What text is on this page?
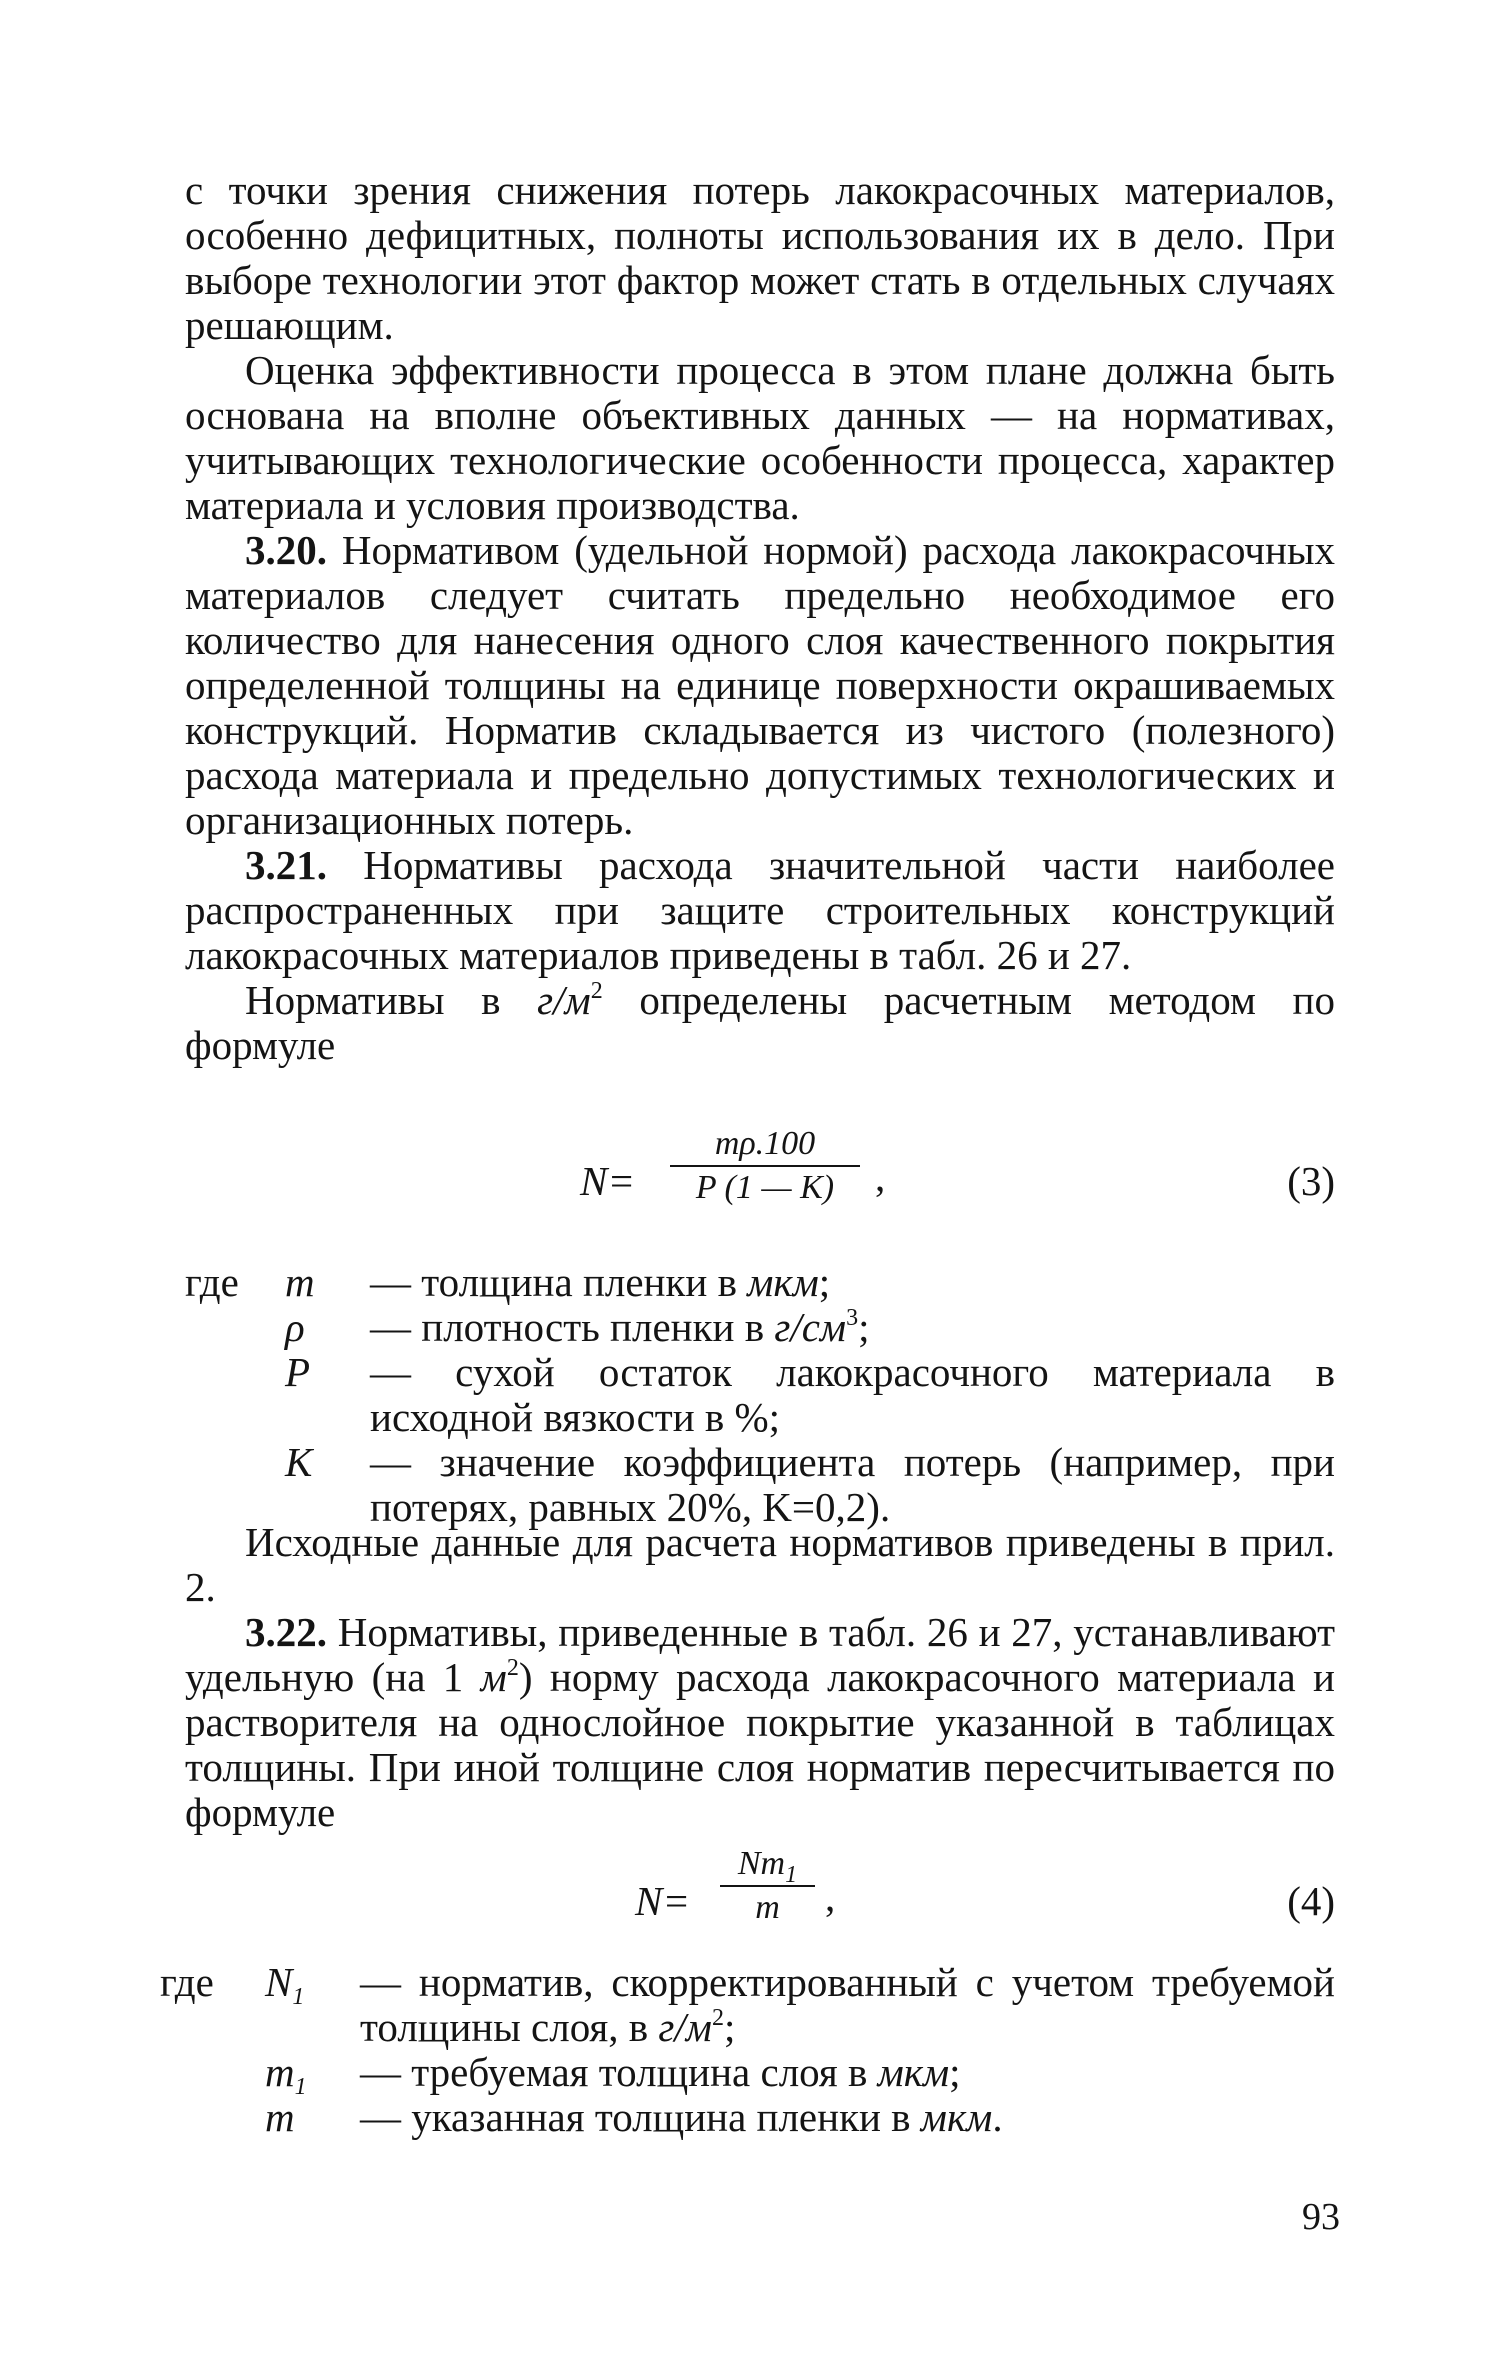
с точки зрения снижения потерь лакокрасочных материалов, особенно дефицитных, полноты использования их в дело. При выборе технологии этот фактор может стать в отдельных случаях решающим.

Оценка эффективности процесса в этом плане должна быть основана на вполне объективных данных — на нормативах, учитывающих технологические особенности процесса, характер материала и условия производства.

3.20. Нормативом (удельной нормой) расхода лакокрасочных материалов следует считать предельно необходимое его количество для нанесения одного слоя качественного покрытия определенной толщины на единице поверхности окрашиваемых конструкций. Норматив складывается из чистого (полезного) расхода материала и предельно допустимых технологических и организационных потерь.

3.21. Нормативы расхода значительной части наиболее распространенных при защите строительных конструкций лакокрасочных материалов приведены в табл. 26 и 27.

Нормативы в $г/м^2$ определены расчетным методом по формуле

$N= \frac{m\rho.100}{P (1 — K)}$ ,	(3)

где m — толщина пленки в мкм;

ρ — плотность пленки в $г/см^3$;

P — сухой остаток лакокрасочного материала в исходной вязкости в %;

K — значение коэффициента потерь (например, при потерях, равных 20%, K=0,2).

Исходные данные для расчета нормативов приведены в прил. 2.

3.22. Нормативы, приведенные в табл. 26 и 27, устанавливают удельную (на 1 $м^2$) норму расхода лакокрасочного материала и растворителя на однослойное покрытие указанной в таблицах толщины. При иной толщине слоя норматив пересчитывается по формуле

$N= \frac{Nm_1}{m}$ ,	(4)

где $N_1$ — норматив, скорректированный с учетом требуемой толщины слоя, в $г/м^2$;

$m_1$ — требуемая толщина слоя в мкм;

m — указанная толщина пленки в мкм.

93
